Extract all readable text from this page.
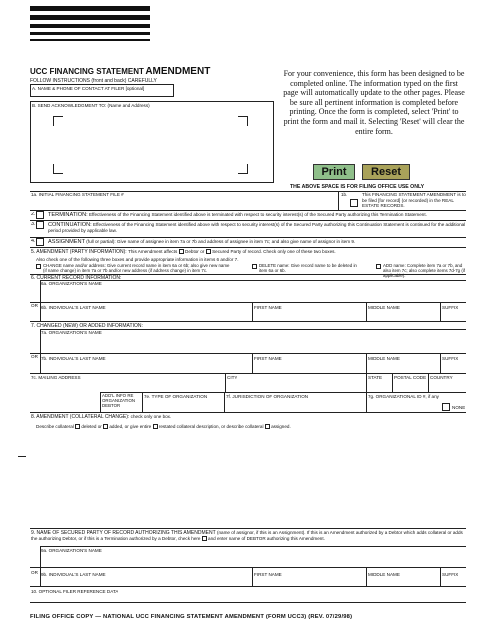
UCC FINANCING STATEMENT AMENDMENT
FOLLOW INSTRUCTIONS (front and back) CAREFULLY
A. NAME & PHONE OF CONTACT AT FILER [optional]
B. SEND ACKNOWLEDGMENT TO: (Name and Address)
For your convenience, this form has been designed to be completed online. The information typed on the first page will automatically update to the other pages. Please be sure all pertinent information is completed before printing. Once the form is completed, select 'Print' to print the form and mail it. Selecting 'Reset' will clear the entire form.
Print	Reset
THE ABOVE SPACE IS FOR FILING OFFICE USE ONLY
1a. INITIAL FINANCING STATEMENT FILE #	1b.	This FINANCING STATEMENT AMENDMENT is to be filed [for record] (or recorded) in the REAL ESTATE RECORDS.
2. TERMINATION: Effectiveness of the Financing Statement identified above is terminated with respect to security interest(s) of the Secured Party authorizing this Termination Statement.
3. CONTINUATION: Effectiveness of the Financing Statement identified above with respect to security interest(s) of the Secured Party authorizing this Continuation Statement is continued for the additional period provided by applicable law.
4. ASSIGNMENT (full or partial): Give name of assignee in item 7a or 7b and address of assignee in item 7c; and also give name of assignor in item 9.
5. AMENDMENT (PARTY INFORMATION): This Amendment affects Debtor or Secured Party of record. Check only one of these two boxes.
Also check one of the following three boxes and provide appropriate information in items 6 and/or 7.
CHANGE name and/or address: Give current record name in item 6a or 6b; also give new name (if name change) in item 7a or 7b and/or new address (if address change) in item 7c.
DELETE name: Give record name to be deleted in item 6a or 6b.
ADD name: Complete item 7a or 7b, and also item 7c; also complete items 7d-7g (if applicable).
6. CURRENT RECORD INFORMATION:
6a. ORGANIZATION'S NAME
OR 6b. INDIVIDUAL'S LAST NAME	FIRST NAME	MIDDLE NAME	SUFFIX
7. CHANGED (NEW) OR ADDED INFORMATION:
7a. ORGANIZATION'S NAME
OR 7b. INDIVIDUAL'S LAST NAME	FIRST NAME	MIDDLE NAME	SUFFIX
7c. MAILING ADDRESS	CITY	STATE	POSTAL CODE COUNTRY
ADD'L INFO RE ORGANIZATION DEBTOR
7e. TYPE OF ORGANIZATION	7f. JURISDICTION OF ORGANIZATION	7g. ORGANIZATIONAL ID #, if any
NONE
8. AMENDMENT (COLLATERAL CHANGE): check only one box.
Describe collateral deleted or added, or give entire restated collateral description, or describe collateral assigned.
9. NAME OF SECURED PARTY OF RECORD AUTHORIZING THIS AMENDMENT (name of assignor, if this is an Assignment). If this is an Amendment authorized by a Debtor which adds collateral or adds the authorizing Debtor, or if this is a Termination authorized by a Debtor, check here and enter name of DEBTOR authorizing this Amendment.
9a. ORGANIZATION'S NAME
OR 9b. INDIVIDUAL'S LAST NAME	FIRST NAME	MIDDLE NAME	SUFFIX
10. OPTIONAL FILER REFERENCE DATA
FILING OFFICE COPY — NATIONAL UCC FINANCING STATEMENT AMENDMENT (FORM UCC3) (REV. 07/29/98)
